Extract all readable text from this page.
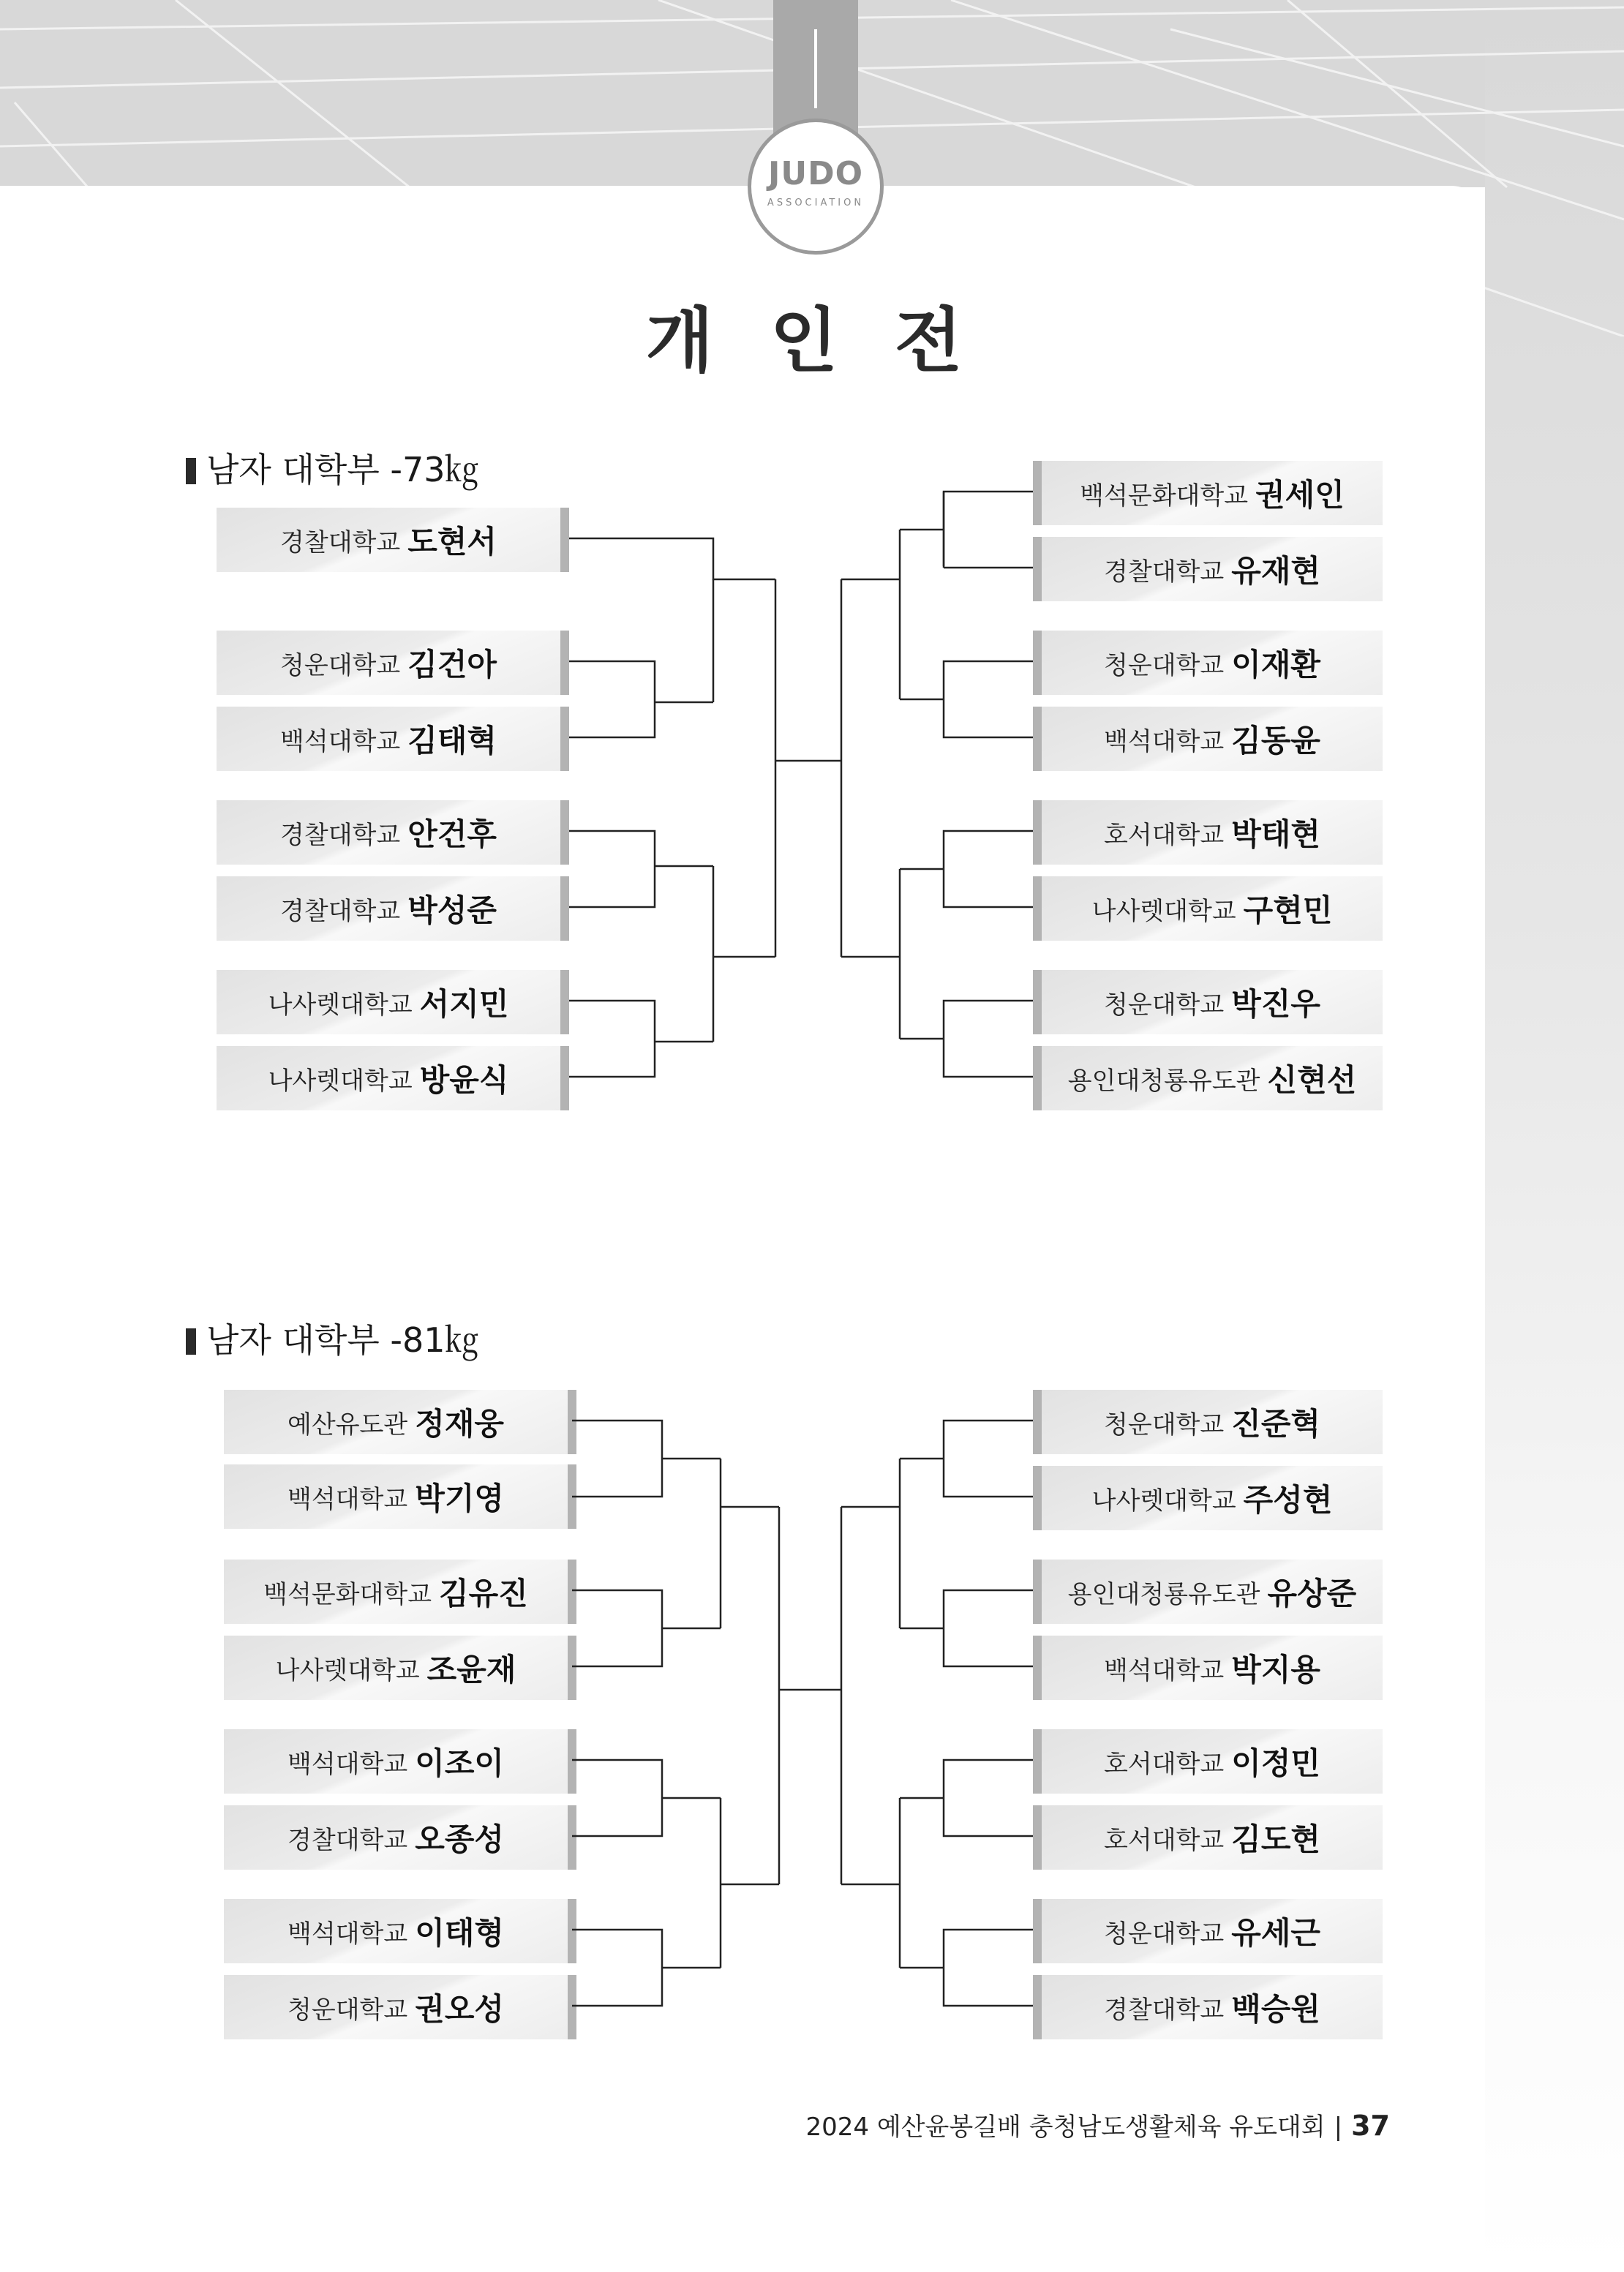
JUDO
ASSOCIATION
개 인 전
남자 대학부 -73㎏
남자 대학부 -81㎏
경찰대학교 도현서
청운대학교 김건아
백석대학교 김태혁
경찰대학교 안건후
경찰대학교 박성준
나사렛대학교 서지민
나사렛대학교 방윤식
백석문화대학교 권세인
경찰대학교 유재현
청운대학교 이재환
백석대학교 김동윤
호서대학교 박태현
나사렛대학교 구현민
청운대학교 박진우
용인대청룡유도관 신현선
예산유도관 정재웅
백석대학교 박기영
백석문화대학교 김유진
나사렛대학교 조윤재
백석대학교 이조이
경찰대학교 오종성
백석대학교 이태형
청운대학교 권오성
청운대학교 진준혁
나사렛대학교 주성현
용인대청룡유도관 유상준
백석대학교 박지용
호서대학교 이정민
호서대학교 김도현
청운대학교 유세근
경찰대학교 백승원
2024 예산윤봉길배 충청남도생활체육 유도대회 | 37
